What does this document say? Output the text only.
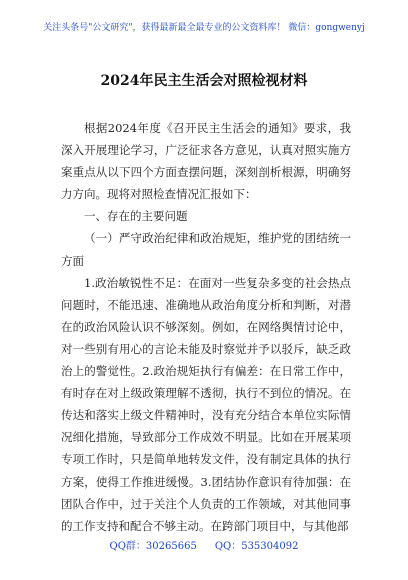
关注头条号"公文研究"，获得最新最全最专业的公文资料库！ 微信：gongwenyj
2024年民主生活会对照检视材料

根据2024年度《召开民主生活会的通知》要求，我深入开展理论学习，广泛征求各方意见，认真对照实施方案重点从以下四个方面查摆问题，深刻剖析根源，明确努力方向。现将对照检查情况汇报如下：

一、存在的主要问题

（一）严守政治纪律和政治规矩，维护党的团结统一方面

1.政治敏锐性不足：在面对一些复杂多变的社会热点问题时，不能迅速、准确地从政治角度分析和判断，对潜在的政治风险认识不够深刻。例如，在网络舆情讨论中，对一些别有用心的言论未能及时察觉并予以驳斥，缺乏政治上的警觉性。2.政治规矩执行有偏差：在日常工作中，有时存在对上级政策理解不透彻，执行不到位的情况。在传达和落实上级文件精神时，没有充分结合本单位实际情况细化措施，导致部分工作成效不明显。比如在开展某项专项工作时，只是简单地转发文件，没有制定具体的执行方案，使得工作推进缓慢。3.团结协作意识有待加强：在团队合作中，过于关注个人负责的工作领域，对其他同事的工作支持和配合不够主动。在跨部门项目中，与其他部

QQ群：30265665 QQ：535304092
